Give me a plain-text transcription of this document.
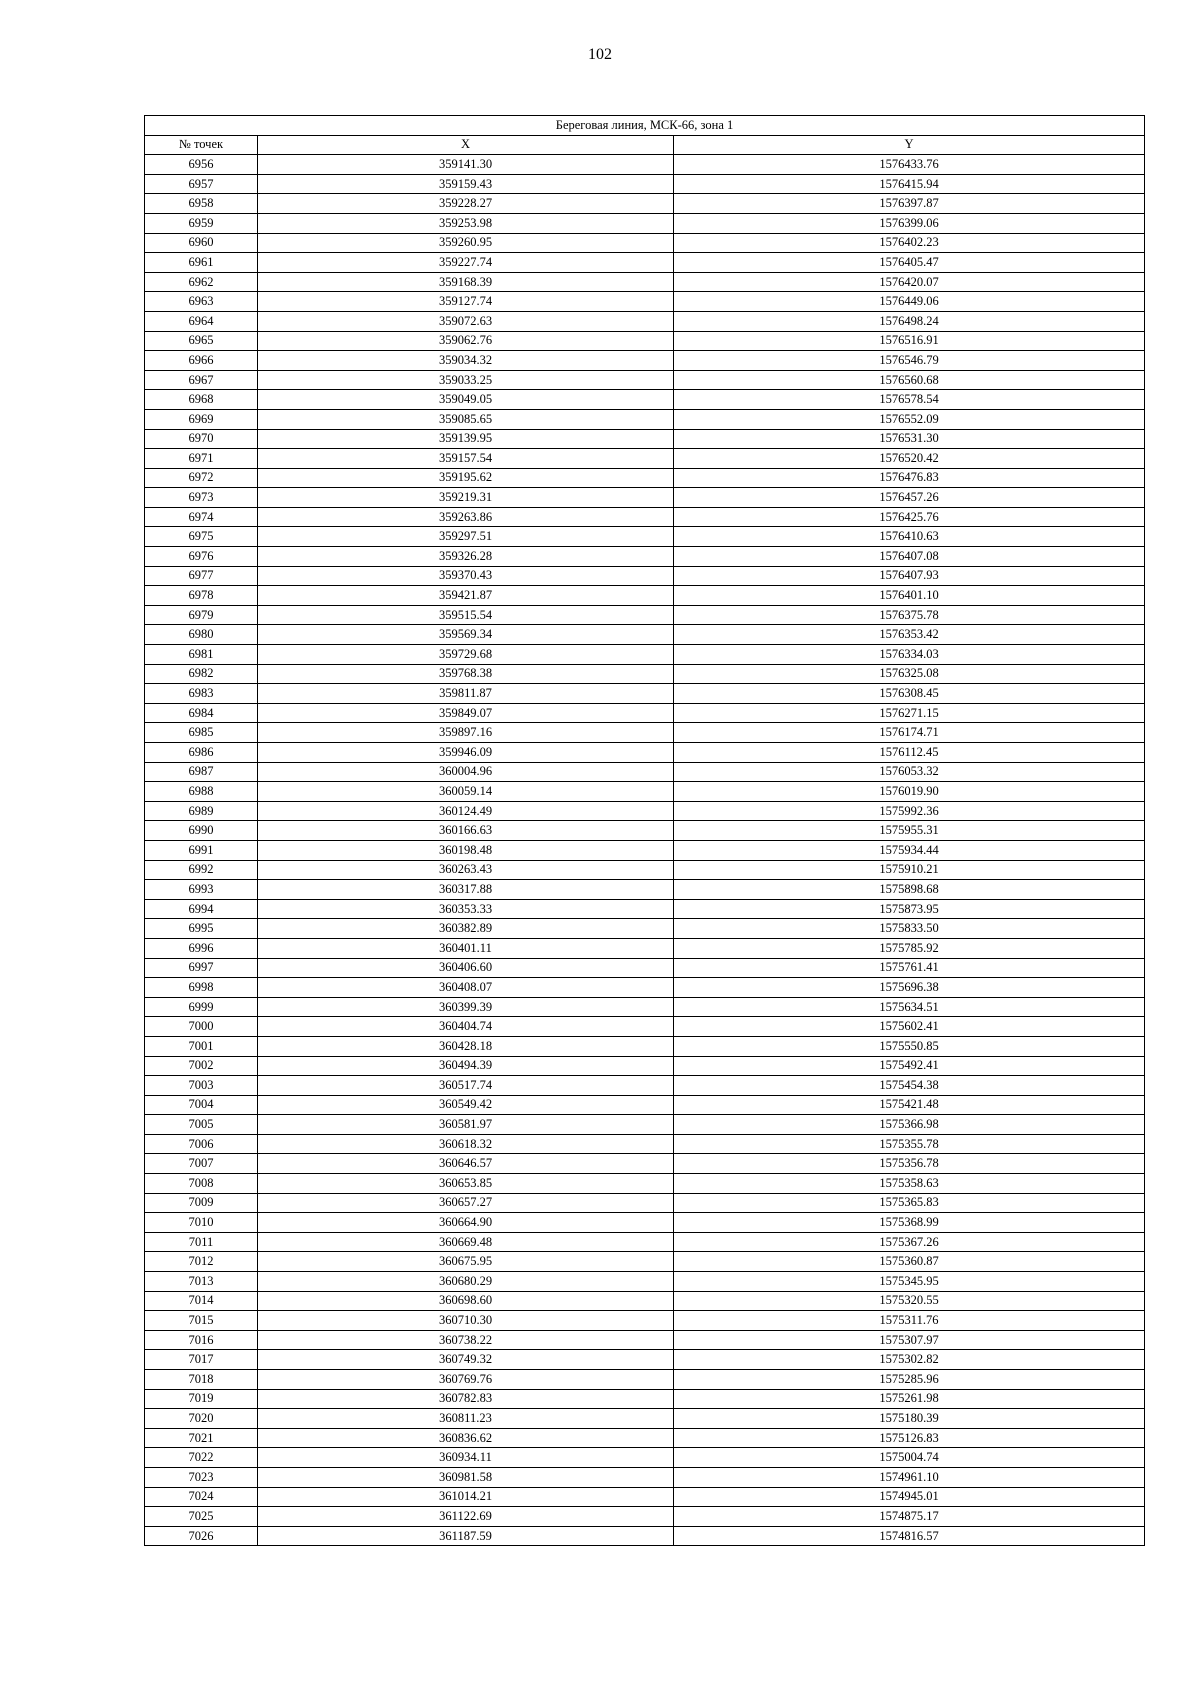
102
Береговая линия, МСК-66, зона 1		
№ точек	X	Y
6956	359141.30	1576433.76
6957	359159.43	1576415.94
6958	359228.27	1576397.87
6959	359253.98	1576399.06
6960	359260.95	1576402.23
6961	359227.74	1576405.47
6962	359168.39	1576420.07
6963	359127.74	1576449.06
6964	359072.63	1576498.24
6965	359062.76	1576516.91
6966	359034.32	1576546.79
6967	359033.25	1576560.68
6968	359049.05	1576578.54
6969	359085.65	1576552.09
6970	359139.95	1576531.30
6971	359157.54	1576520.42
6972	359195.62	1576476.83
6973	359219.31	1576457.26
6974	359263.86	1576425.76
6975	359297.51	1576410.63
6976	359326.28	1576407.08
6977	359370.43	1576407.93
6978	359421.87	1576401.10
6979	359515.54	1576375.78
6980	359569.34	1576353.42
6981	359729.68	1576334.03
6982	359768.38	1576325.08
6983	359811.87	1576308.45
6984	359849.07	1576271.15
6985	359897.16	1576174.71
6986	359946.09	1576112.45
6987	360004.96	1576053.32
6988	360059.14	1576019.90
6989	360124.49	1575992.36
6990	360166.63	1575955.31
6991	360198.48	1575934.44
6992	360263.43	1575910.21
6993	360317.88	1575898.68
6994	360353.33	1575873.95
6995	360382.89	1575833.50
6996	360401.11	1575785.92
6997	360406.60	1575761.41
6998	360408.07	1575696.38
6999	360399.39	1575634.51
7000	360404.74	1575602.41
7001	360428.18	1575550.85
7002	360494.39	1575492.41
7003	360517.74	1575454.38
7004	360549.42	1575421.48
7005	360581.97	1575366.98
7006	360618.32	1575355.78
7007	360646.57	1575356.78
7008	360653.85	1575358.63
7009	360657.27	1575365.83
7010	360664.90	1575368.99
7011	360669.48	1575367.26
7012	360675.95	1575360.87
7013	360680.29	1575345.95
7014	360698.60	1575320.55
7015	360710.30	1575311.76
7016	360738.22	1575307.97
7017	360749.32	1575302.82
7018	360769.76	1575285.96
7019	360782.83	1575261.98
7020	360811.23	1575180.39
7021	360836.62	1575126.83
7022	360934.11	1575004.74
7023	360981.58	1574961.10
7024	361014.21	1574945.01
7025	361122.69	1574875.17
7026	361187.59	1574816.57
